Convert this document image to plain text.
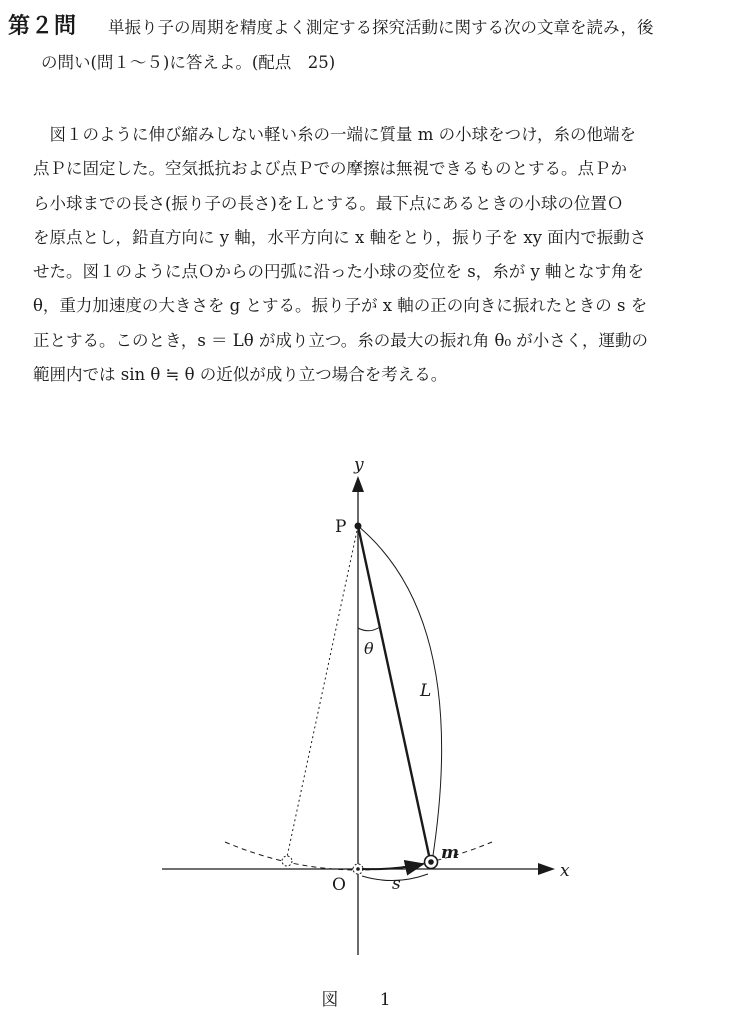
第２問 単振り子の周期を精度よく測定する探究活動に関する次の文章を読み，後
の問い(問１～５)に答えよ。(配点　25)

　図１のように伸び縮みしない軽い糸の一端に質量 m の小球をつけ，糸の他端を

点Ｐに固定した。空気抵抗および点Ｐでの摩擦は無視できるものとする。点Ｐか

ら小球までの長さ(振り子の長さ)をＬとする。最下点にあるときの小球の位置Ｏ

を原点とし，鉛直方向に y 軸，水平方向に x 軸をとり，振り子を xy 面内で振動さ

せた。図１のように点Ｏからの円弧に沿った小球の変位を s，糸が y 軸となす角を

θ，重力加速度の大きさを g とする。振り子が x 軸の正の向きに振れたときの s を

正とする。このとき，s ＝ Lθ が成り立つ。糸の最大の振れ角 θ₀ が小さく，運動の

範囲内では sin θ ≒ θ の近似が成り立つ場合を考える。

y
x
P
O
θ
L
m
s
図 1
